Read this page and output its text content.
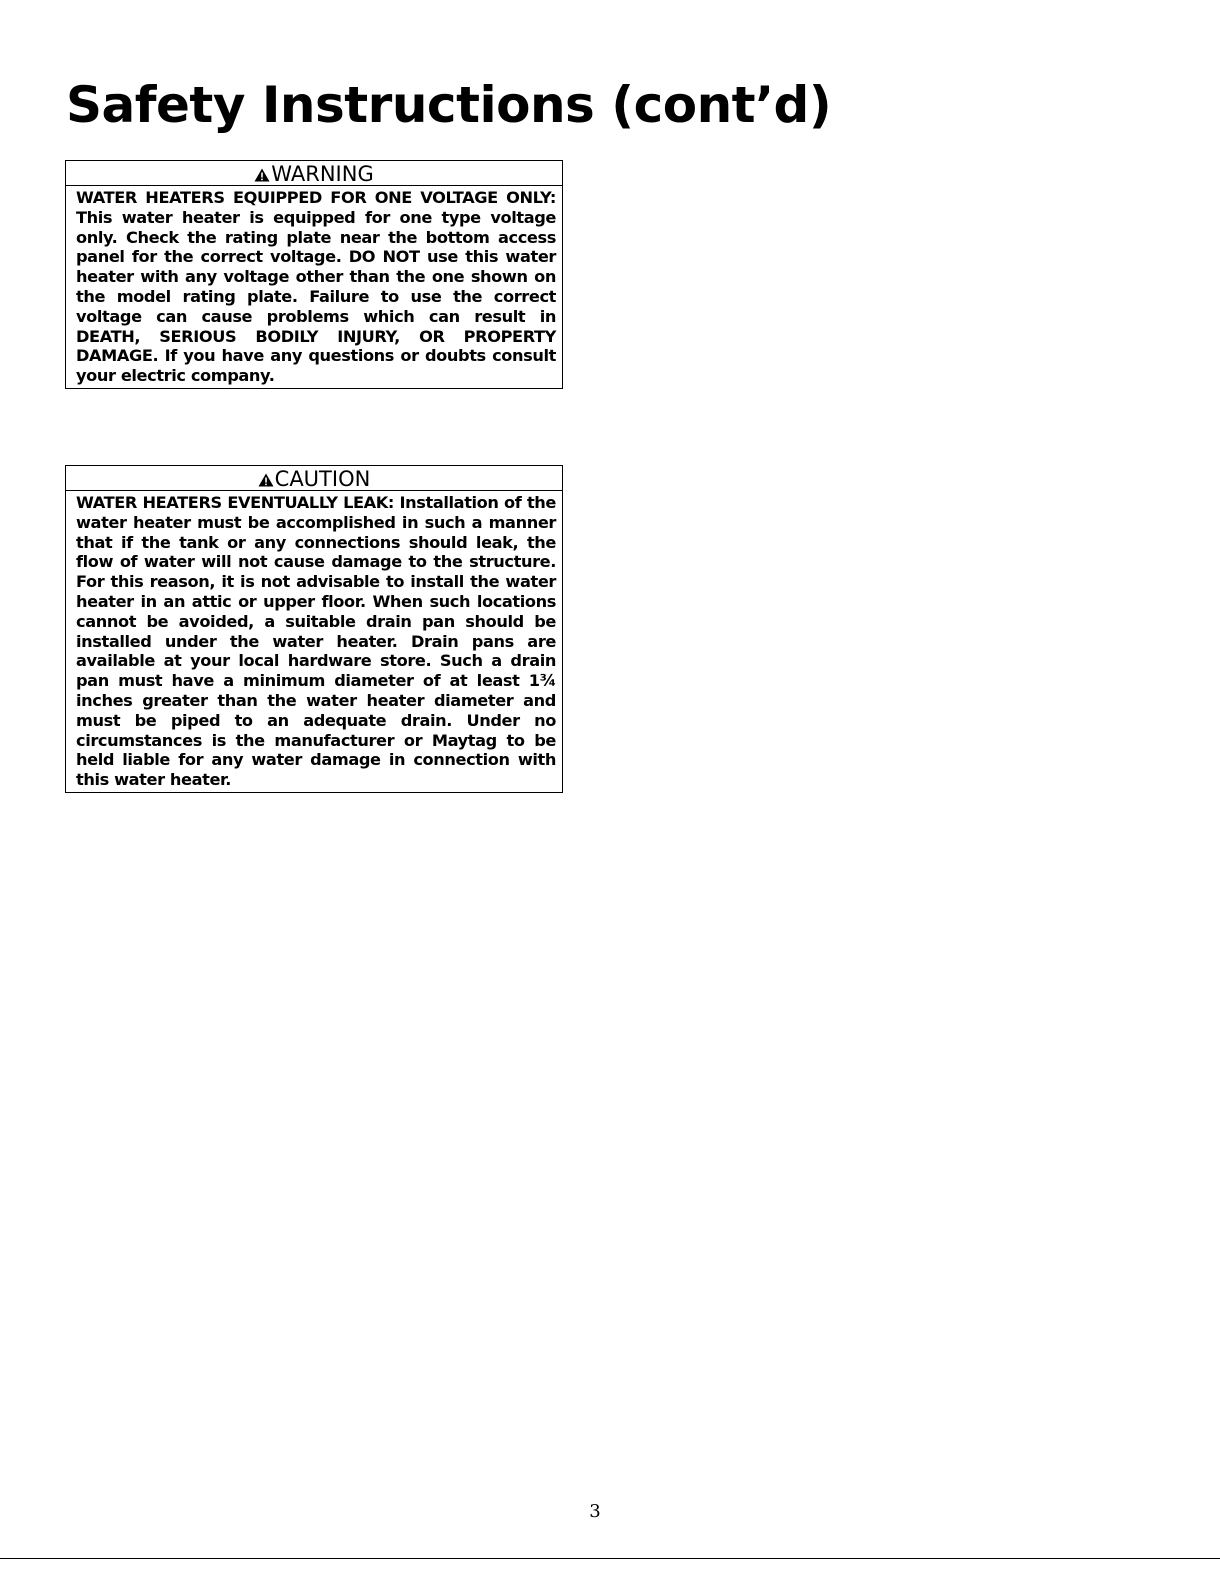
Safety Instructions (cont’d)
WARNING
WATER HEATERS EQUIPPED FOR ONE VOLTAGE ONLY: This water heater is equipped for one type voltage only. Check the rating plate near the bottom access panel for the correct voltage. DO NOT use this water heater with any voltage other than the one shown on the model rating plate. Failure to use the correct voltage can cause problems which can result in DEATH, SERIOUS BODILY INJURY, OR PROPERTY DAMAGE. If you have any questions or doubts consult your electric company.
CAUTION
WATER HEATERS EVENTUALLY LEAK: Installation of the water heater must be accomplished in such a manner that if the tank or any connections should leak, the flow of water will not cause damage to the structure. For this reason, it is not advisable to install the water heater in an attic or upper floor. When such locations cannot be avoided, a suitable drain pan should be installed under the water heater. Drain pans are available at your local hardware store. Such a drain pan must have a minimum diameter of at least 1¾ inches greater than the water heater diameter and must be piped to an adequate drain. Under no circumstances is the manufacturer or Maytag to be held liable for any water damage in connection with this water heater.
3
